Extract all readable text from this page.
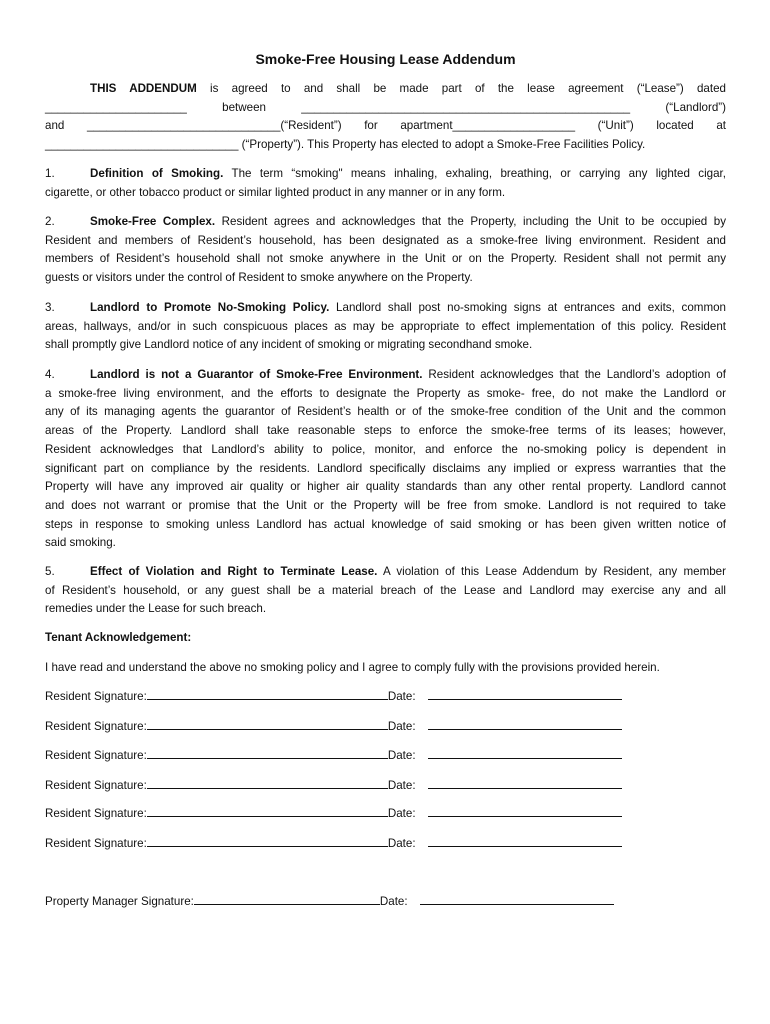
Smoke-Free Housing Lease Addendum
THIS ADDENDUM is agreed to and shall be made part of the lease agreement (“Lease”) dated
______________________ between ___________________________________________________ (“Landlord”)
and ______________________________(“Resident”) for apartment___________________ (“Unit”) located at
______________________________ (“Property”). This Property has elected to adopt a Smoke-Free Facilities Policy.
1.	Definition of Smoking. The term “smoking" means inhaling, exhaling, breathing, or carrying any lighted cigar,
cigarette, or other tobacco product or similar lighted product in any manner or in any form.
2.	Smoke-Free Complex. Resident agrees and acknowledges that the Property, including the Unit to be occupied by
Resident and members of Resident’s household, has been designated as a smoke-free living environment. Resident and
members of Resident’s household shall not smoke anywhere in the Unit or on the Property. Resident shall not permit any
guests or visitors under the control of Resident to smoke anywhere on the Property.
3.	Landlord to Promote No-Smoking Policy. Landlord shall post no-smoking signs at entrances and exits, common
areas, hallways, and/or in such conspicuous places as may be appropriate to effect implementation of this policy. Resident
shall promptly give Landlord notice of any incident of smoking or migrating secondhand smoke.
4.	Landlord is not a Guarantor of Smoke-Free Environment. Resident acknowledges that the Landlord’s adoption of
a smoke-free living environment, and the efforts to designate the Property as smoke- free, do not make the Landlord or
any of its managing agents the guarantor of Resident’s health or of the smoke-free condition of the Unit and the common
areas of the Property. Landlord shall take reasonable steps to enforce the smoke-free terms of its leases; however,
Resident acknowledges that Landlord’s ability to police, monitor, and enforce the no-smoking policy is dependent in
significant part on compliance by the residents. Landlord specifically disclaims any implied or express warranties that the
Property will have any improved air quality or higher air quality standards than any other rental property. Landlord cannot
and does not warrant or promise that the Unit or the Property will be free from smoke. Landlord is not required to take
steps in response to smoking unless Landlord has actual knowledge of said smoking or has been given written notice of
said smoking.
5.	Effect of Violation and Right to Terminate Lease. A violation of this Lease Addendum by Resident, any member
of Resident’s household, or any guest shall be a material breach of the Lease and Landlord may exercise any and all
remedies under the Lease for such breach.
Tenant Acknowledgement:
I have read and understand the above no smoking policy and I agree to comply fully with the provisions provided herein.
Resident Signature:	Date:
Resident Signature:	Date:
Resident Signature:	Date:
Resident Signature:	Date:
Resident Signature:	Date:
Resident Signature:	Date:
Property Manager Signature:	Date:
